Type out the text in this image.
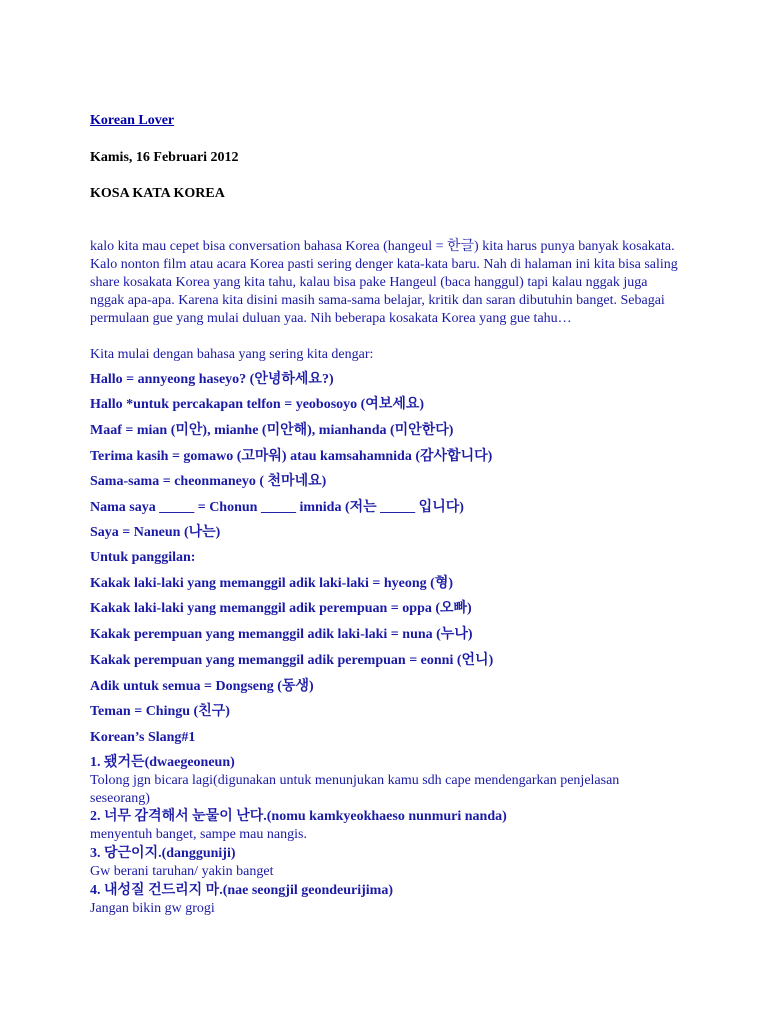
Korean Lover
Kamis, 16 Februari 2012
KOSA KATA KOREA
kalo kita mau cepet bisa conversation bahasa Korea (hangeul = 한글) kita harus punya banyak kosakata. Kalo nonton film atau acara Korea pasti sering denger kata-kata baru. Nah di halaman ini kita bisa saling share kosakata Korea yang kita tahu, kalau bisa pake Hangeul (baca hanggul) tapi kalau nggak juga nggak apa-apa. Karena kita disini masih sama-sama belajar, kritik dan saran dibutuhin banget. Sebagai permulaan gue yang mulai duluan yaa. Nih beberapa kosakata Korea yang gue tahu…
Kita mulai dengan bahasa yang sering kita dengar:
Hallo = annyeong haseyo? (안녕하세요?)
Hallo *untuk percakapan telfon = yeobosoyo (여보세요)
Maaf = mian (미안), mianhe (미안해), mianhanda (미안한다)
Terima kasih = gomawo (고마워) atau kamsahamnida (감사합니다)
Sama-sama = cheonmaneyo ( 천마네요)
Nama saya _____ = Chonun _____ imnida (저는 _____ 입니다)
Saya = Naneun (나는)
Untuk panggilan:
Kakak laki-laki yang memanggil adik laki-laki = hyeong (형)
Kakak laki-laki yang memanggil adik perempuan = oppa (오빠)
Kakak perempuan yang memanggil adik laki-laki = nuna (누나)
Kakak perempuan yang memanggil adik perempuan = eonni (언니)
Adik untuk semua = Dongseng (동생)
Teman = Chingu (친구)
Korean’s Slang#1
1. 됐거든(dwaegeoneun)
Tolong jgn bicara lagi(digunakan untuk menunjukan kamu sdh cape mendengarkan penjelasan seseorang)
2. 너무 감격해서 눈물이 난다.(nomu kamkyeokhaeso nunmuri nanda)
menyentuh banget, sampe mau nangis.
3. 당근이지.(dangguniji)
Gw berani taruhan/ yakin banget
4. 내성질 건드리지 마.(nae seongjil geondeurijima)
Jangan bikin gw grogi
